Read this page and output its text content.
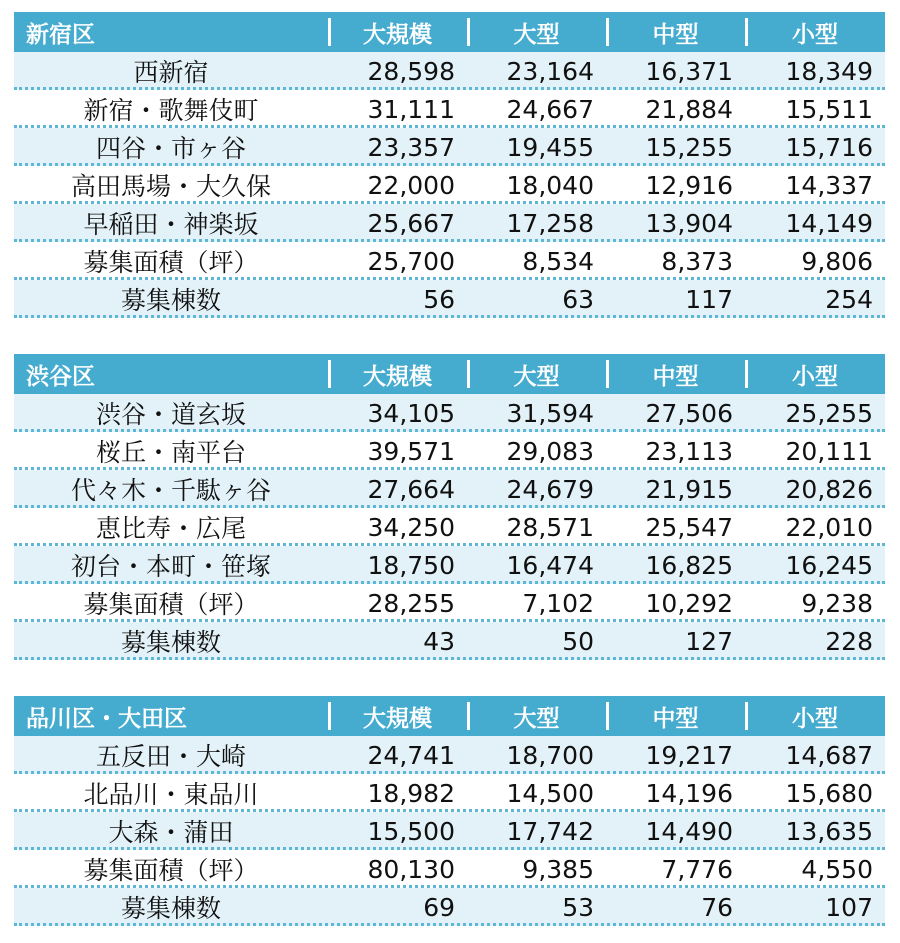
新宿区	大規模	大型	中型	小型
西新宿	28,598	23,164	16,371	18,349
新宿・歌舞伎町	31,111	24,667	21,884	15,511
四谷・市ヶ谷	23,357	19,455	15,255	15,716
高田馬場・大久保	22,000	18,040	12,916	14,337
早稲田・神楽坂	25,667	17,258	13,904	14,149
募集面積（坪）	25,700	8,534	8,373	9,806
募集棟数	56	63	117	254
渋谷区	大規模	大型	中型	小型
渋谷・道玄坂	34,105	31,594	27,506	25,255
桜丘・南平台	39,571	29,083	23,113	20,111
代々木・千駄ヶ谷	27,664	24,679	21,915	20,826
恵比寿・広尾	34,250	28,571	25,547	22,010
初台・本町・笹塚	18,750	16,474	16,825	16,245
募集面積（坪）	28,255	7,102	10,292	9,238
募集棟数	43	50	127	228
品川区・大田区	大規模	大型	中型	小型
五反田・大崎	24,741	18,700	19,217	14,687
北品川・東品川	18,982	14,500	14,196	15,680
大森・蒲田	15,500	17,742	14,490	13,635
募集面積（坪）	80,130	9,385	7,776	4,550
募集棟数	69	53	76	107
